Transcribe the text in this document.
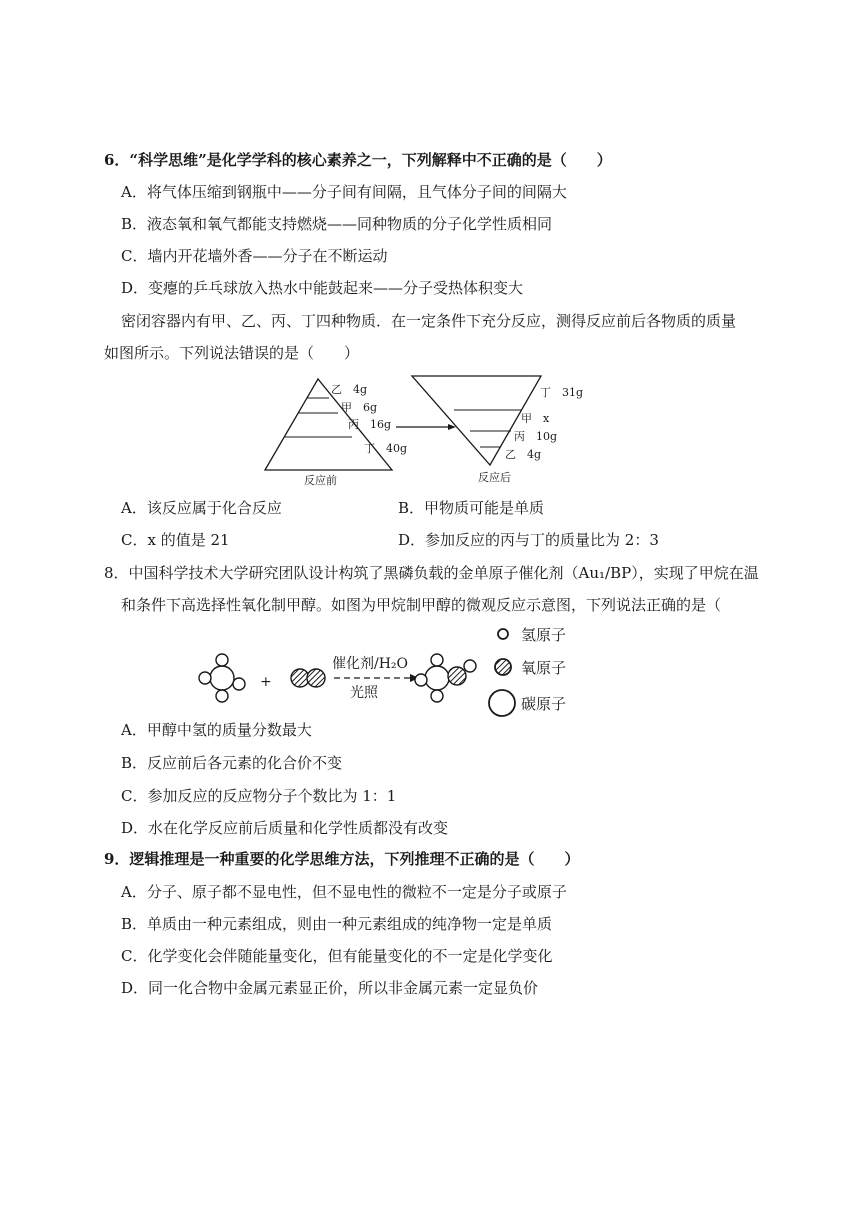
6．“科学思维”是化学学科的核心素养之一，下列解释中不正确的是（　　）
A．将气体压缩到钢瓶中——分子间有间隔，且气体分子间的间隔大
B．液态氧和氧气都能支持燃烧——同种物质的分子化学性质相同
C．墙内开花墙外香——分子在不断运动
D．变瘪的乒乓球放入热水中能鼓起来——分子受热体积变大
密闭容器内有甲、乙、丙、丁四种物质．在一定条件下充分反应，测得反应前后各物质的质量
如图所示。下列说法错误的是（　　）
乙　4g
甲　6g
丙　16g
丁　40g
反应前
丁　31g
甲　x
丙　10g
乙　4g
反应后
+
催化剂/H₂O
光照
氢原子
氧原子
碳原子
A．该反应属于化合反应	B．甲物质可能是单质
C．x 的值是 21	D．参加反应的丙与丁的质量比为 2：3
8．中国科学技术大学研究团队设计构筑了黑磷负载的金单原子催化剂（Au₁/BP），实现了甲烷在温
和条件下高选择性氧化制甲醇。如图为甲烷制甲醇的微观反应示意图，下列说法正确的是（
A．甲醇中氢的质量分数最大
B．反应前后各元素的化合价不变
C．参加反应的反应物分子个数比为 1：1
D．水在化学反应前后质量和化学性质都没有改变
9．逻辑推理是一种重要的化学思维方法，下列推理不正确的是（　　）
A．分子、原子都不显电性，但不显电性的微粒不一定是分子或原子
B．单质由一种元素组成，则由一种元素组成的纯净物一定是单质
C．化学变化会伴随能量变化，但有能量变化的不一定是化学变化
D．同一化合物中金属元素显正价，所以非金属元素一定显负价
